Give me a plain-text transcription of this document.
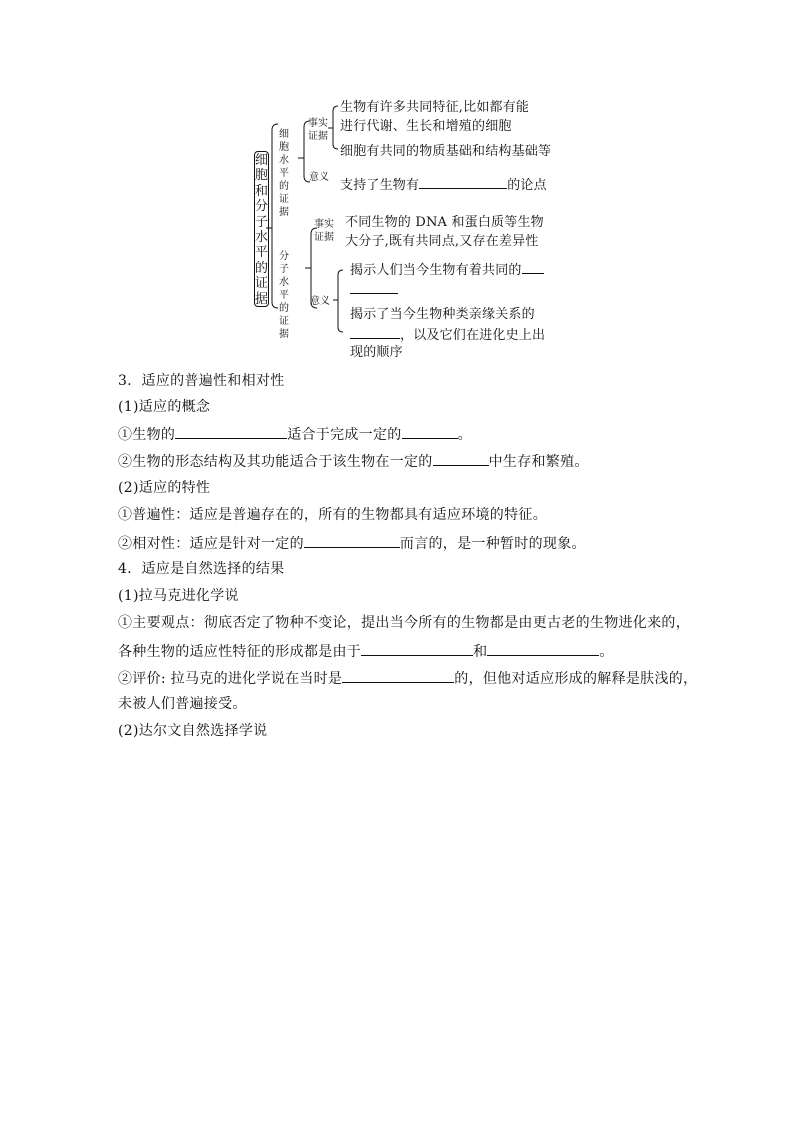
细胞和分子水平的证据
细胞水平的证据
事实证据
生物有许多共同特征,比如都有能
进行代谢、生长和增殖的细胞
细胞有共同的物质基础和结构基础等
意义
支持了生物有	的论点
分子水平的证据
事实证据
不同生物的 DNA 和蛋白质等生物
大分子,既有共同点,又存在差异性
意义
揭示人们当今生物有着共同的
揭示了当今生物种类亲缘关系的
，以及它们在进化史上出
现的顺序
3．适应的普遍性和相对性
(1)适应的概念
①生物的	适合于完成一定的	。
②生物的形态结构及其功能适合于该生物在一定的	中生存和繁殖。
(2)适应的特性
①普遍性：适应是普遍存在的，所有的生物都具有适应环境的特征。
②相对性：适应是针对一定的	而言的，是一种暂时的现象。
4．适应是自然选择的结果
(1)拉马克进化学说
①主要观点：彻底否定了物种不变论，提出当今所有的生物都是由更古老的生物进化来的，
各种生物的适应性特征的形成都是由于	和	。
②评价: 拉马克的进化学说在当时是	的，但他对适应形成的解释是肤浅的，
未被人们普遍接受。
(2)达尔文自然选择学说
